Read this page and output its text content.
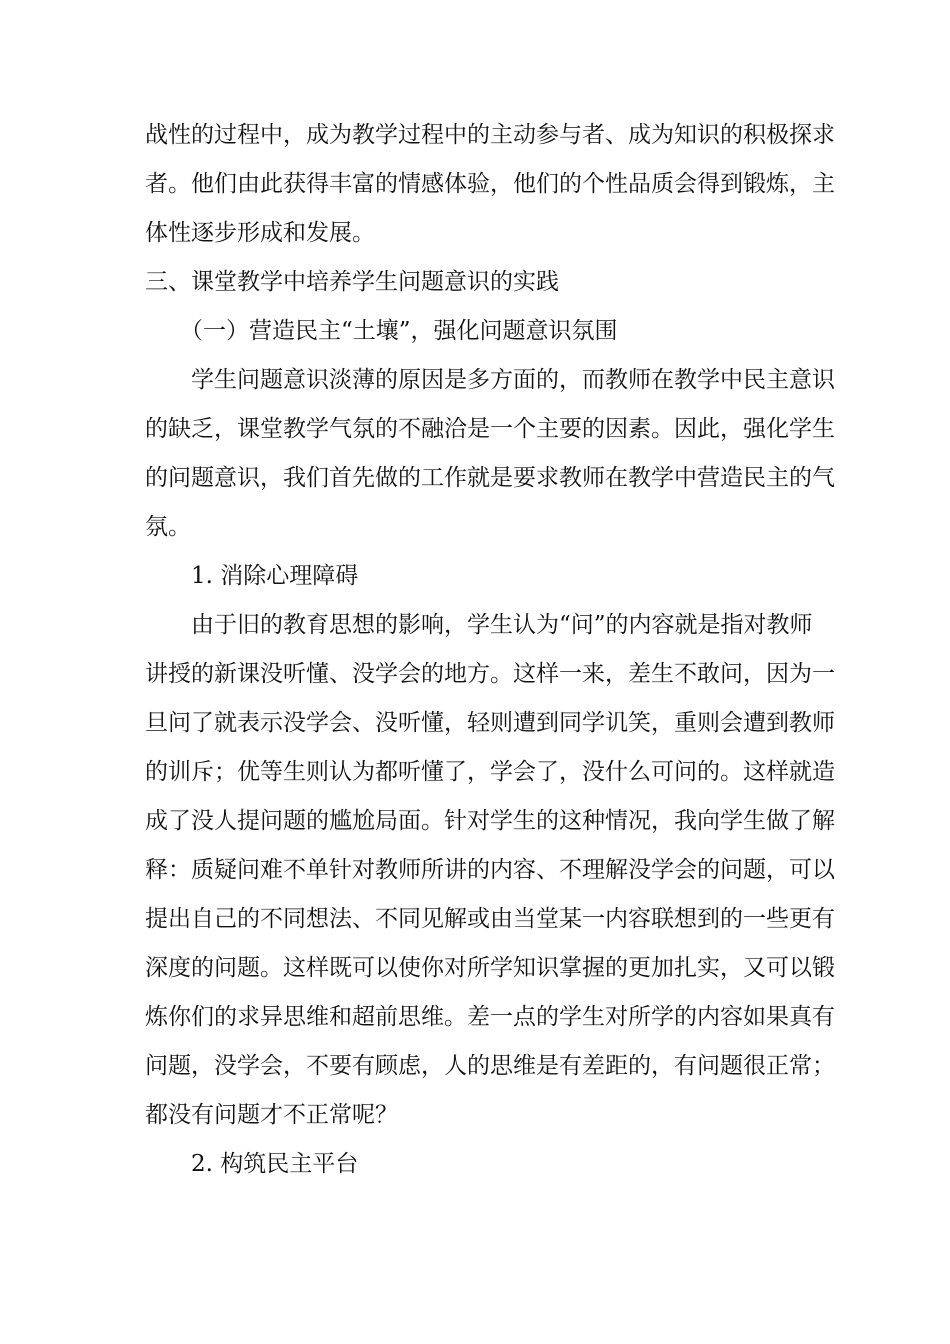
战性的过程中，成为教学过程中的主动参与者、成为知识的积极探求
者。他们由此获得丰富的情感体验，他们的个性品质会得到锻炼，主
体性逐步形成和发展。
三、课堂教学中培养学生问题意识的实践
（一）营造民主“土壤”，强化问题意识氛围
学生问题意识淡薄的原因是多方面的，而教师在教学中民主意识
的缺乏，课堂教学气氛的不融洽是一个主要的因素。因此，强化学生
的问题意识，我们首先做的工作就是要求教师在教学中营造民主的气
氛。
1. 消除心理障碍
由于旧的教育思想的影响，学生认为“问”的内容就是指对教师
讲授的新课没听懂、没学会的地方。这样一来，差生不敢问，因为一
旦问了就表示没学会、没听懂，轻则遭到同学讥笑，重则会遭到教师
的训斥；优等生则认为都听懂了，学会了，没什么可问的。这样就造
成了没人提问题的尴尬局面。针对学生的这种情况，我向学生做了解
释：质疑问难不单针对教师所讲的内容、不理解没学会的问题，可以
提出自己的不同想法、不同见解或由当堂某一内容联想到的一些更有
深度的问题。这样既可以使你对所学知识掌握的更加扎实，又可以锻
炼你们的求异思维和超前思维。差一点的学生对所学的内容如果真有
问题，没学会，不要有顾虑，人的思维是有差距的，有问题很正常；
都没有问题才不正常呢？
2. 构筑民主平台
